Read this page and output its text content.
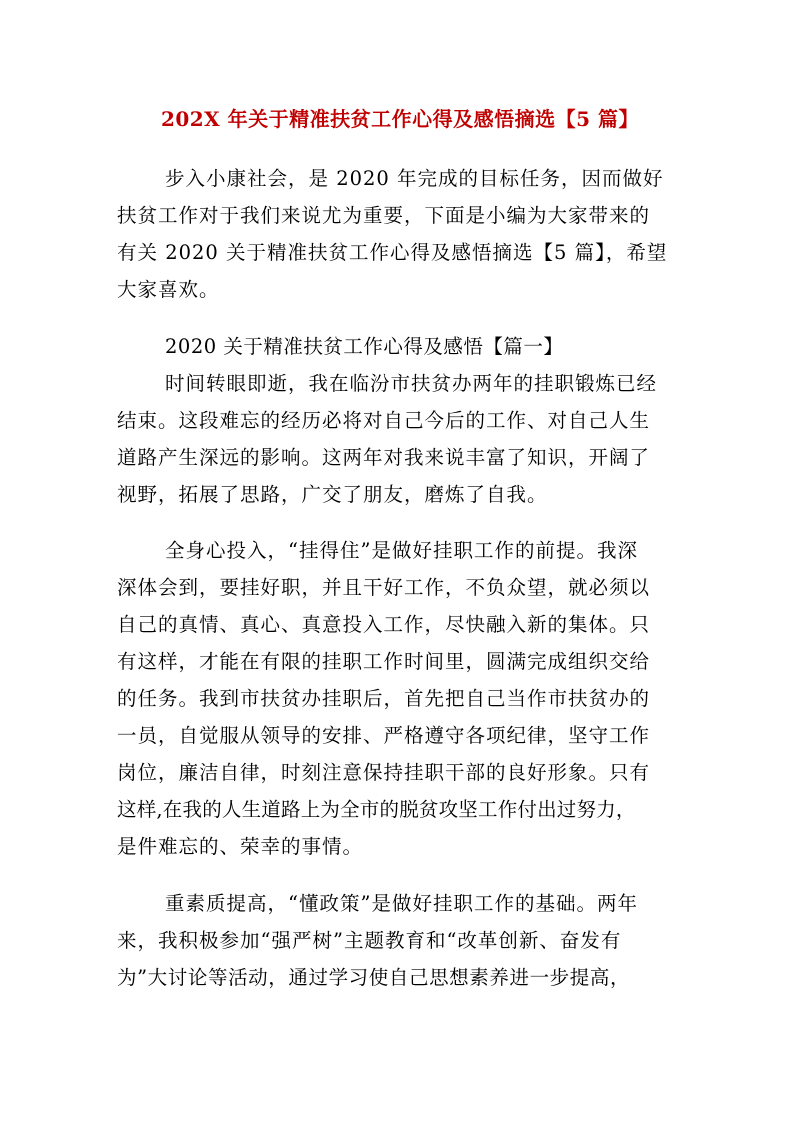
202X 年关于精准扶贫工作心得及感悟摘选【5 篇】
步入小康社会，是 2020 年完成的目标任务，因而做好
扶贫工作对于我们来说尤为重要，下面是小编为大家带来的
有关 2020 关于精准扶贫工作心得及感悟摘选【5 篇】，希望
大家喜欢。
2020 关于精准扶贫工作心得及感悟【篇一】
时间转眼即逝，我在临汾市扶贫办两年的挂职锻炼已经
结束。这段难忘的经历必将对自己今后的工作、对自己人生
道路产生深远的影响。这两年对我来说丰富了知识，开阔了
视野，拓展了思路，广交了朋友，磨炼了自我。
全身心投入，“挂得住”是做好挂职工作的前提。我深
深体会到，要挂好职，并且干好工作，不负众望，就必须以
自己的真情、真心、真意投入工作，尽快融入新的集体。只
有这样，才能在有限的挂职工作时间里，圆满完成组织交给
的任务。我到市扶贫办挂职后，首先把自己当作市扶贫办的
一员，自觉服从领导的安排、严格遵守各项纪律，坚守工作
岗位，廉洁自律，时刻注意保持挂职干部的良好形象。只有
这样,在我的人生道路上为全市的脱贫攻坚工作付出过努力，
是件难忘的、荣幸的事情。
重素质提高，“懂政策”是做好挂职工作的基础。两年
来，我积极参加“强严树”主题教育和“改革创新、奋发有
为”大讨论等活动，通过学习使自己思想素养进一步提高，
